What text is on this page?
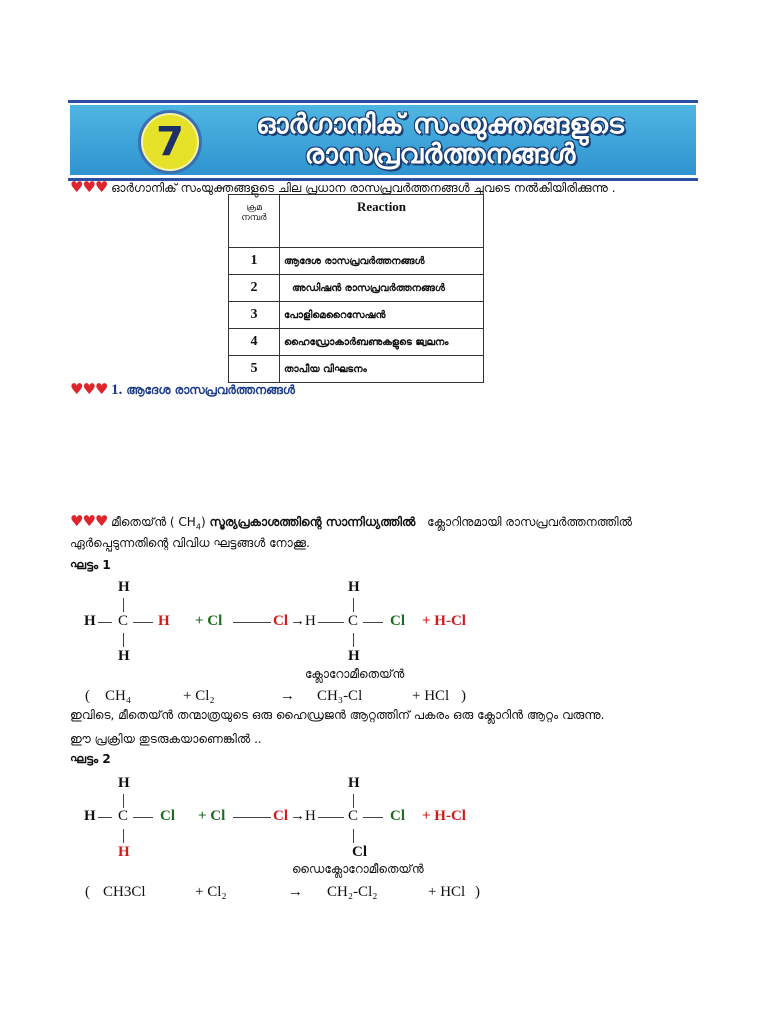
7	ഓർഗാനിക് സംയുക്തങ്ങളുടെ
രാസപ്രവർത്തനങ്ങൾ
♥♥♥ ഓർഗാനിക് സംയുക്തങ്ങളുടെ ചില പ്രധാന രാസപ്രവർത്തനങ്ങൾ ചുവടെ നൽകിയിരിക്കുന്നു .
ക്രമ നമ്പർ	Reaction
1	ആദേശ രാസപ്രവർത്തനങ്ങൾ
2	അഡിഷൻ രാസപ്രവർത്തനങ്ങൾ
3	പോളിമെറൈസേഷൻ
4	ഹൈഡ്രോകാർബണുകളുടെ ജ്വലനം
5	താപീയ വിഘടനം
♥♥♥ 1. ആദേശ രാസപ്രവർത്തനങ്ങൾ
♥♥♥ മീതെയ്ൻ ( $CH_4$) സൂര്യപ്രകാശത്തിന്റെ സാന്നിധ്യത്തിൽ ക്ലോറിനുമായി രാസപ്രവർത്തനത്തിൽ
ഏർപ്പെടുന്നതിന്റെ വിവിധ ഘട്ടങ്ങൾ നോക്കൂ.
ഘട്ടം 1
H
H C H
H
+ Cl	Cl → H
H
C Cl
H
+ H-Cl
ക്ലോറോമീതെയ്ൻ
( CH₄	+ Cl₂	→ CH₃-Cl	+ HCl )
ഇവിടെ, മീതെയ്ൻ തന്മാത്രയുടെ ഒരു ഹൈഡ്രജൻ ആറ്റത്തിന് പകരം ഒരു ക്ലോറിൻ ആറ്റം വരുന്നു.
ഈ പ്രക്രിയ തുടരുകയാണെങ്കിൽ ..
ഘട്ടം 2
H
H C Cl
H
+ Cl	Cl → H
H
C Cl
Cl
+ H-Cl
ഡൈക്ലോറോമീതെയ്ൻ
( CH3Cl	+ Cl₂	→ CH₂-Cl₂	+ HCl )
